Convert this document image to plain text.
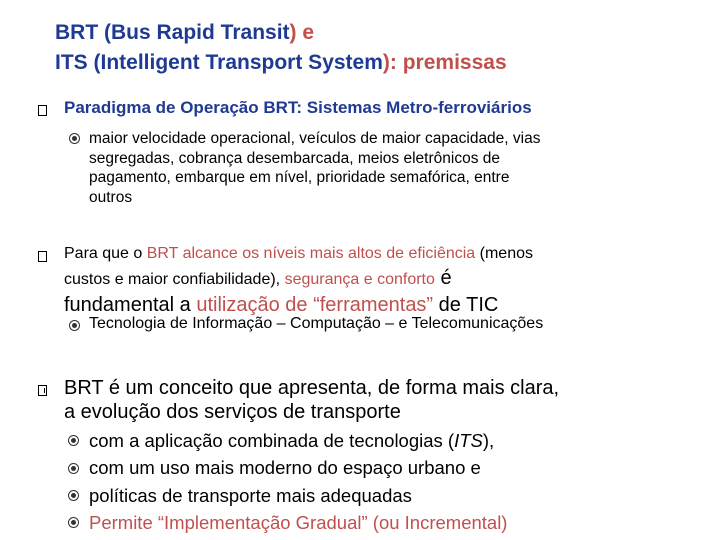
BRT (Bus Rapid Transit) e
ITS (Intelligent Transport System): premissas
Paradigma de Operação BRT: Sistemas Metro-ferroviários
maior velocidade operacional, veículos de maior capacidade, vias
segregadas, cobrança desembarcada, meios eletrônicos de
pagamento, embarque em nível, prioridade semafórica, entre
outros
Para que o BRT alcance os níveis mais altos de eficiência (menos
custos e maior confiabilidade), segurança e conforto é
fundamental a utilização de “ferramentas” de TIC
Tecnologia de Informação – Computação – e Telecomunicações
BRT é um conceito que apresenta, de forma mais clara,
a evolução dos serviços de transporte
com a aplicação combinada de tecnologias (ITS),
com um uso mais moderno do espaço urbano e
políticas de transporte mais adequadas
Permite “Implementação Gradual” (ou Incremental)
